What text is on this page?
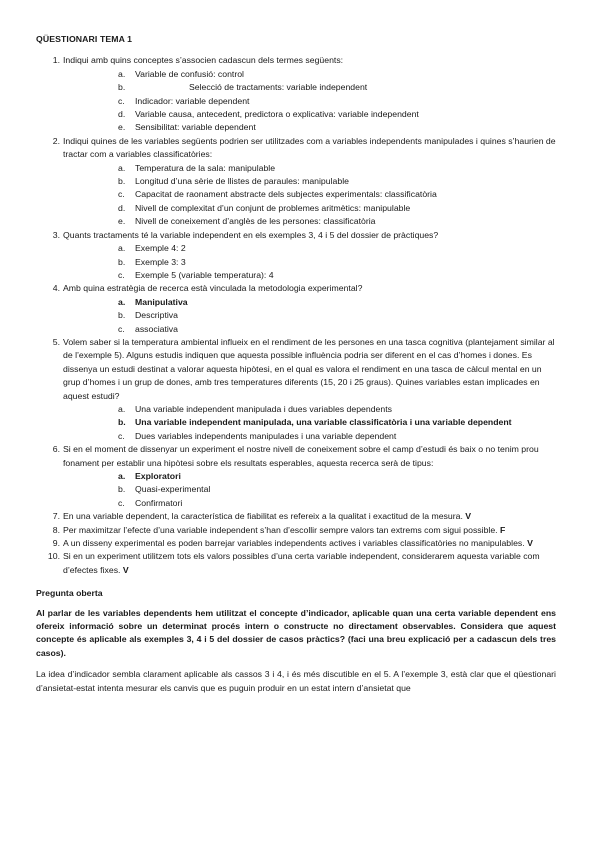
QÜESTIONARI TEMA 1
1. Indiqui amb quins conceptes s’associen cadascun dels termes següents:
a. Variable de confusió: control
b.	Selecció de tractaments: variable independent
c. Indicador: variable dependent
d. Variable causa, antecedent, predictora o explicativa: variable independent
e. Sensibilitat: variable dependent
2. Indiqui quines de les variables següents podrien ser utilitzades com a variables independents manipulades i quines s’haurien de tractar com a variables classificatòries:
a. Temperatura de la sala: manipulable
b. Longitud d’una sèrie de llistes de paraules: manipulable
c. Capacitat de raonament abstracte dels subjectes experimentals: classificatòria
d. Nivell de complexitat d’un conjunt de problemes aritmètics: manipulable
e. Nivell de coneixement d’anglès de les persones: classificatòria
3. Quants tractaments té la variable independent en els exemples 3, 4 i 5 del dossier de pràctiques?
a. Exemple 4: 2
b. Exemple 3: 3
c. Exemple 5 (variable temperatura): 4
4. Amb quina estratègia de recerca està vinculada la metodologia experimental?
a. Manipulativa
b. Descriptiva
c. associativa
5. Volem saber si la temperatura ambiental influeix en el rendiment de les persones en una tasca cognitiva (plantejament similar al de l’exemple 5). Alguns estudis indiquen que aquesta possible influència podria ser diferent en el cas d’homes i dones. Es dissenya un estudi destinat a valorar aquesta hipòtesi, en el qual es valora el rendiment en una tasca de càlcul mental en un grup d’homes i un grup de dones, amb tres temperatures diferents (15, 20 i 25 graus). Quines variables estan implicades en aquest estudi?
a. Una variable independent manipulada i dues variables dependents
b. Una variable independent manipulada, una variable classificatòria i una variable dependent
c. Dues variables independents manipulades i una variable dependent
6. Si en el moment de dissenyar un experiment el nostre nivell de coneixement sobre el camp d’estudi és baix o no tenim prou fonament per establir una hipòtesi sobre els resultats esperables, aquesta recerca serà de tipus:
a. Exploratori
b. Quasi-experimental
c. Confirmatori
7. En una variable dependent, la característica de fiabilitat es refereix a la qualitat i exactitud de la mesura. V
8. Per maximitzar l’efecte d’una variable independent s’han d’escollir sempre valors tan extrems com sigui possible. F
9. A un disseny experimental es poden barrejar variables independents actives i variables classificatòries no manipulables. V
10. Si en un experiment utilitzem tots els valors possibles d’una certa variable independent, considerarem aquesta variable com d’efectes fixes. V
Pregunta oberta

Al parlar de les variables dependents hem utilitzat el concepte d’indicador, aplicable quan una certa variable dependent ens ofereix informació sobre un determinat procés intern o constructe no directament observables. Considera que aquest concepte és aplicable als exemples 3, 4 i 5 del dossier de casos pràctics? (faci una breu explicació per a cadascun dels tres casos).

La idea d’indicador sembla clarament aplicable als cassos 3 i 4, i és més discutible en el 5. A l’exemple 3, està clar que el qüestionari d’ansietat-estat intenta mesurar els canvis que es puguin produir en un estat intern d’ansietat que
